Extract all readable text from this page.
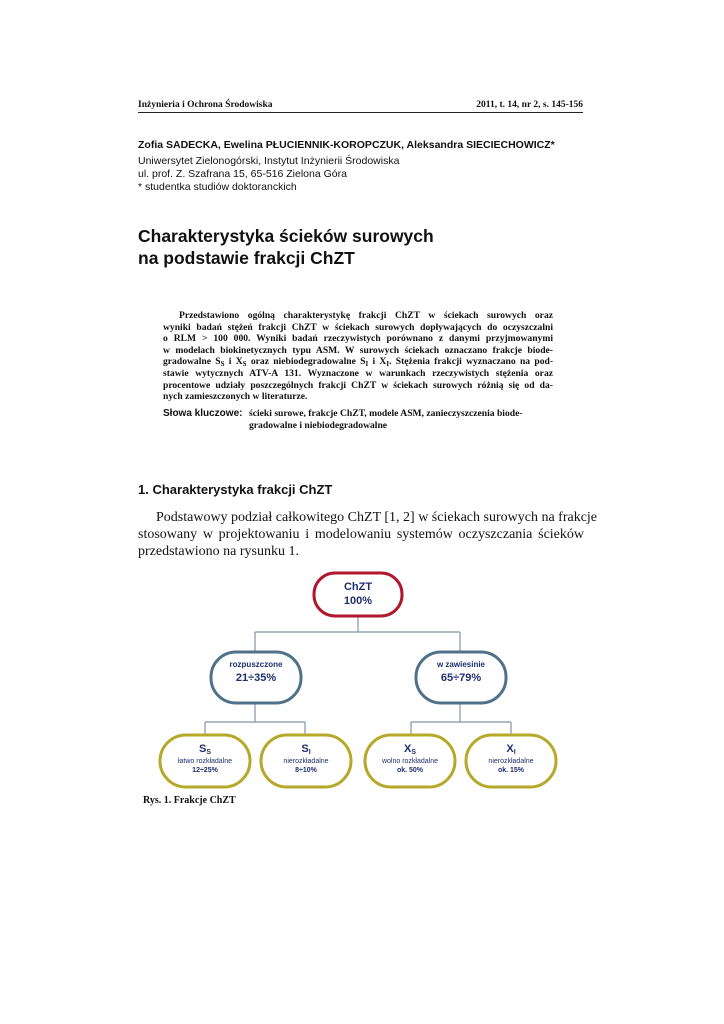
Inżynieria i Ochrona Środowiska	2011, t. 14, nr 2, s. 145-156
Zofia SADECKA, Ewelina PŁUCIENNIK-KOROPCZUK, Aleksandra SIECIECHOWICZ*
Uniwersytet Zielonogórski, Instytut Inżynierii Środowiska
ul. prof. Z. Szafrana 15, 65-516 Zielona Góra
* studentka studiów doktoranckich
Charakterystyka ścieków surowych
na podstawie frakcji ChZT
Przedstawiono ogólną charakterystykę frakcji ChZT w ściekach surowych oraz
wyniki badań stężeń frakcji ChZT w ściekach surowych dopływających do oczyszczalni
o RLM > 100 000. Wyniki badań rzeczywistych porównano z danymi przyjmowanymi
w modelach biokinetycznych typu ASM. W surowych ściekach oznaczano frakcje biode-
gradowalne $S_S$ i $X_S$ oraz niebiodegradowalne $S_I$ i $X_I$. Stężenia frakcji wyznaczano na pod-
stawie wytycznych ATV-A 131. Wyznaczone w warunkach rzeczywistych stężenia oraz
procentowe udziały poszczególnych frakcji ChZT w ściekach surowych różnią się od da-
nych zamieszczonych w literaturze.
Słowa kluczowe: ścieki surowe, frakcje ChZT, modele ASM, zanieczyszczenia biode-
gradowalne i niebiodegradowalne
1. Charakterystyka frakcji ChZT
Podstawowy podział całkowitego ChZT [1, 2] w ściekach surowych na frakcje
stosowany w projektowaniu i modelowaniu systemów oczyszczania ścieków
przedstawiono na rysunku 1.
ChZT
100%
rozpuszczone
21÷35%
w zawiesinie
65÷79%
SS
łatwo rozkładalne
12÷25%
SI
nierozkładalne
8÷10%
XS
wolno rozkładalne
ok. 50%
XI
nierozkładalne
ok. 15%
Rys. 1. Frakcje ChZT
